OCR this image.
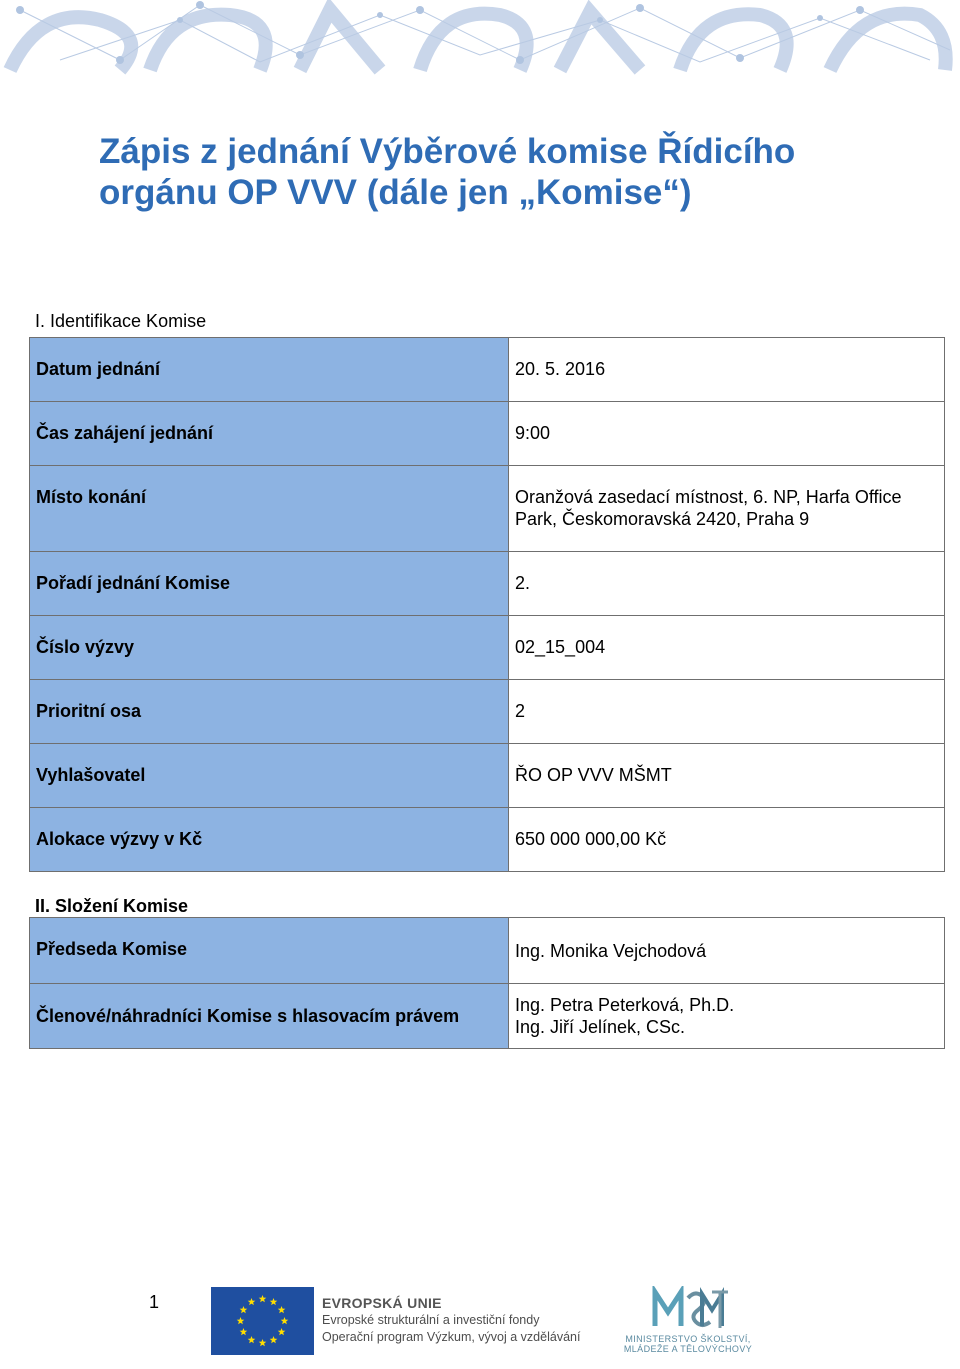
Zápis z jednání Výběrové komise Řídicího
orgánu OP VVV (dále jen „Komise“)
I. Identifikace Komise
Datum jednání	20. 5. 2016

Čas zahájení jednání	9:00

Místo konání	Oranžová zasedací místnost, 6. NP, Harfa Office
Park, Českomoravská 2420, Praha 9

Pořadí jednání Komise	2.

Číslo výzvy	02_15_004

Prioritní osa	2

Vyhlašovatel	ŘO OP VVV MŠMT

Alokace výzvy v Kč	650 000 000,00 Kč
II. Složení Komise
Předseda Komise	Ing. Monika Vejchodová

Členové/náhradníci Komise s hlasovacím právem	Ing. Petra Peterková, Ph.D.
Ing. Jiří Jelínek, CSc.
1	EVROPSKÁ UNIE
Evropské strukturální a investiční fondy
Operační program Výzkum, vývoj a vzdělávání	MINISTERSTVO ŠKOLSTVÍ,
MLÁDEŽE A TĚLOVÝCHOVY
